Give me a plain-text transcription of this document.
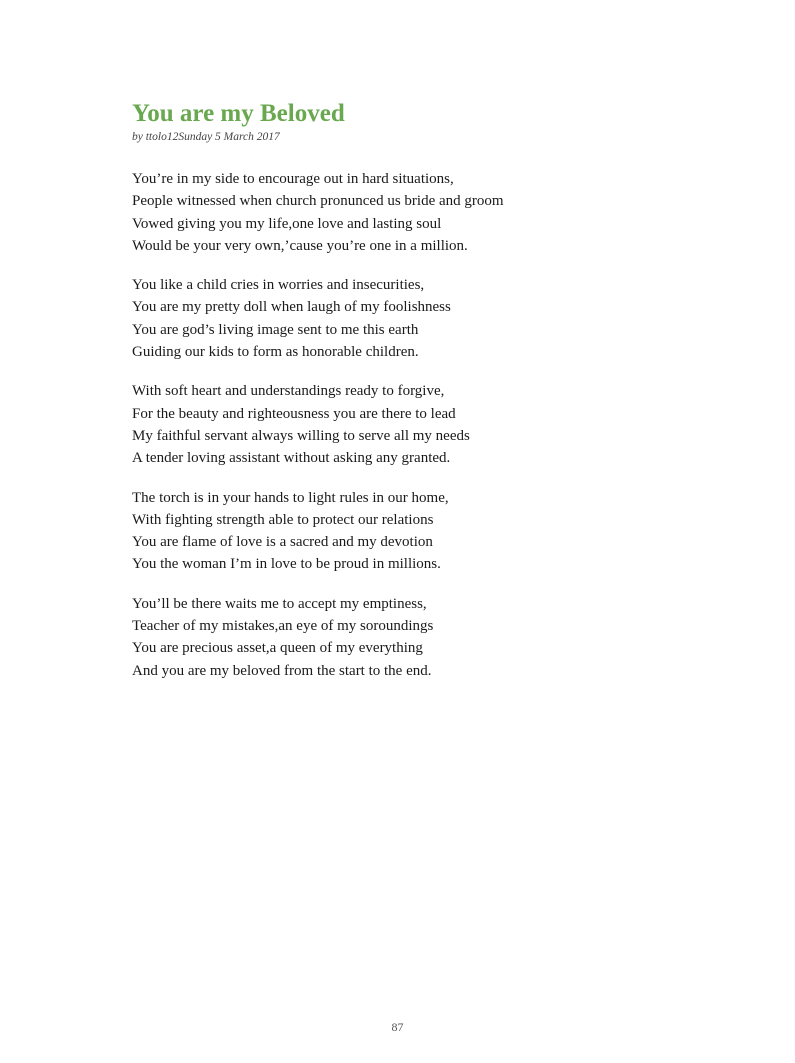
You are my Beloved
by ttolo12Sunday 5 March 2017
You’re in my side to encourage out in hard situations,
People witnessed when church pronunced us bride and groom
Vowed giving you my life,one love and lasting soul
Would be your very own,’cause you’re one in a million.
You like a child cries in worries and insecurities,
You are my pretty doll when laugh of my foolishness
You are god’s living image sent to me this earth
Guiding our kids to form as honorable children.
With soft heart and understandings ready to forgive,
For the beauty and righteousness you are there to lead
My faithful servant always willing to serve all my needs
A tender loving assistant without asking any granted.
The torch is in your hands to light rules in our home,
With fighting strength able to protect our relations
You are flame of love is a sacred and my devotion
You the woman I’m in love to be proud in millions.
You’ll be there waits me to accept my emptiness,
Teacher of my mistakes,an eye of my soroundings
You are precious asset,a queen of my everything
And you are my beloved from the start to the end.
87
